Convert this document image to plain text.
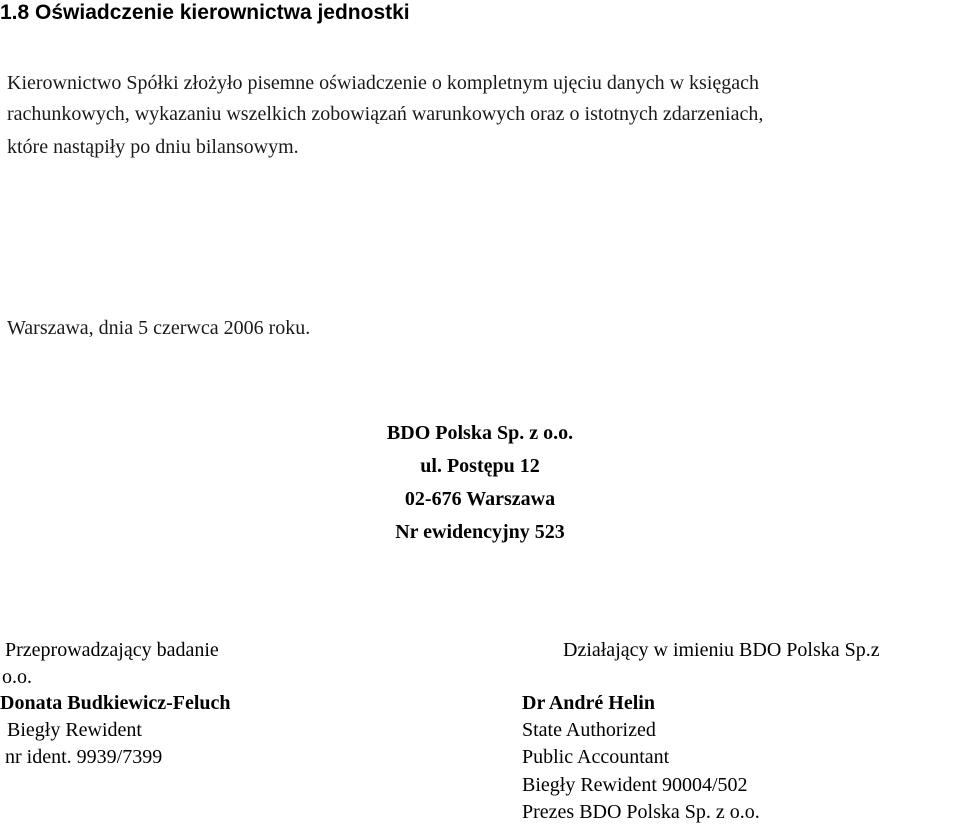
1.8 Oświadczenie kierownictwa jednostki
Kierownictwo Spółki złożyło pisemne oświadczenie o kompletnym ujęciu danych w księgach
rachunkowych, wykazaniu wszelkich zobowiązań warunkowych oraz o istotnych zdarzeniach,
które nastąpiły po dniu bilansowym.
Warszawa, dnia 5 czerwca 2006 roku.
BDO Polska Sp. z o.o.
ul. Postępu 12
02-676 Warszawa
Nr ewidencyjny 523
Przeprowadzający badanie
o.o.
Donata Budkiewicz-Feluch
Biegły Rewident
nr ident. 9939/7399
Działający w imieniu BDO Polska Sp.z
Dr André Helin
State Authorized
Public Accountant
Biegły Rewident 90004/502
Prezes BDO Polska Sp. z o.o.
